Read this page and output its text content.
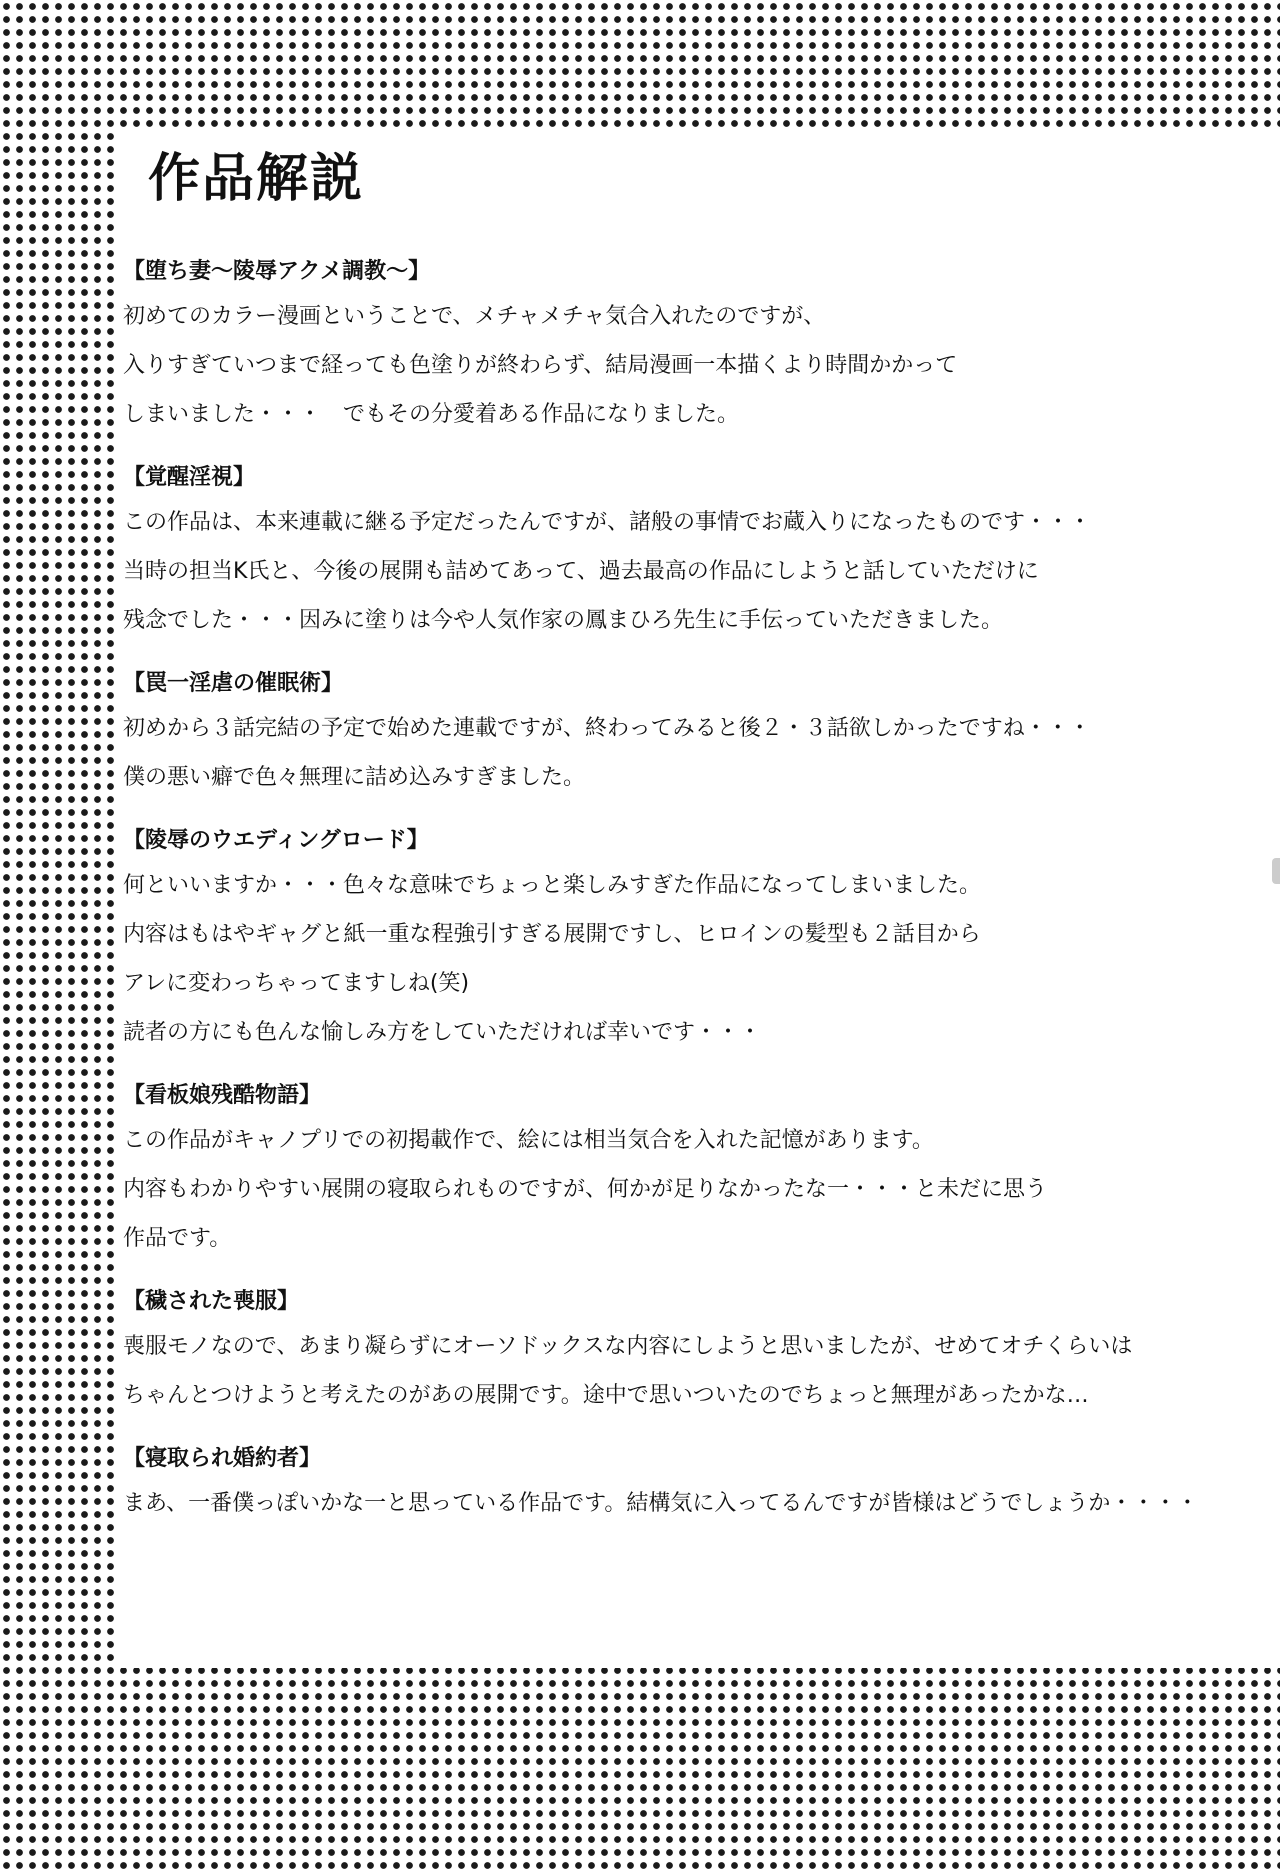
作品解説

【堕ち妻〜陵辱アクメ調教〜】

初めてのカラー漫画ということで、メチャメチャ気合入れたのですが、

入りすぎていつまで経っても色塗りが終わらず、結局漫画一本描くより時間かかって

しまいました・・・　でもその分愛着ある作品になりました。

【覚醒淫視】

この作品は、本来連載に継る予定だったんですが、諸般の事情でお蔵入りになったものです・・・

当時の担当K氏と、今後の展開も詰めてあって、過去最高の作品にしようと話していただけに

残念でした・・・因みに塗りは今や人気作家の鳳まひろ先生に手伝っていただきました。

【罠一淫虐の催眠術】

初めから３話完結の予定で始めた連載ですが、終わってみると後２・３話欲しかったですね・・・

僕の悪い癖で色々無理に詰め込みすぎました。

【陵辱のウエディングロード】

何といいますか・・・色々な意味でちょっと楽しみすぎた作品になってしまいました。

内容はもはやギャグと紙一重な程強引すぎる展開ですし、ヒロインの髪型も２話目から

アレに変わっちゃってますしね(笑)

読者の方にも色んな愉しみ方をしていただければ幸いです・・・

【看板娘残酷物語】

この作品がキャノプリでの初掲載作で、絵には相当気合を入れた記憶があります。

内容もわかりやすい展開の寝取られものですが、何かが足りなかったな一・・・と未だに思う

作品です。

【穢された喪服】

喪服モノなので、あまり凝らずにオーソドックスな内容にしようと思いましたが、せめてオチくらいは

ちゃんとつけようと考えたのがあの展開です。途中で思いついたのでちょっと無理があったかな…

【寝取られ婚約者】

まあ、一番僕っぽいかな一と思っている作品です。結構気に入ってるんですが皆様はどうでしょうか・・・・
